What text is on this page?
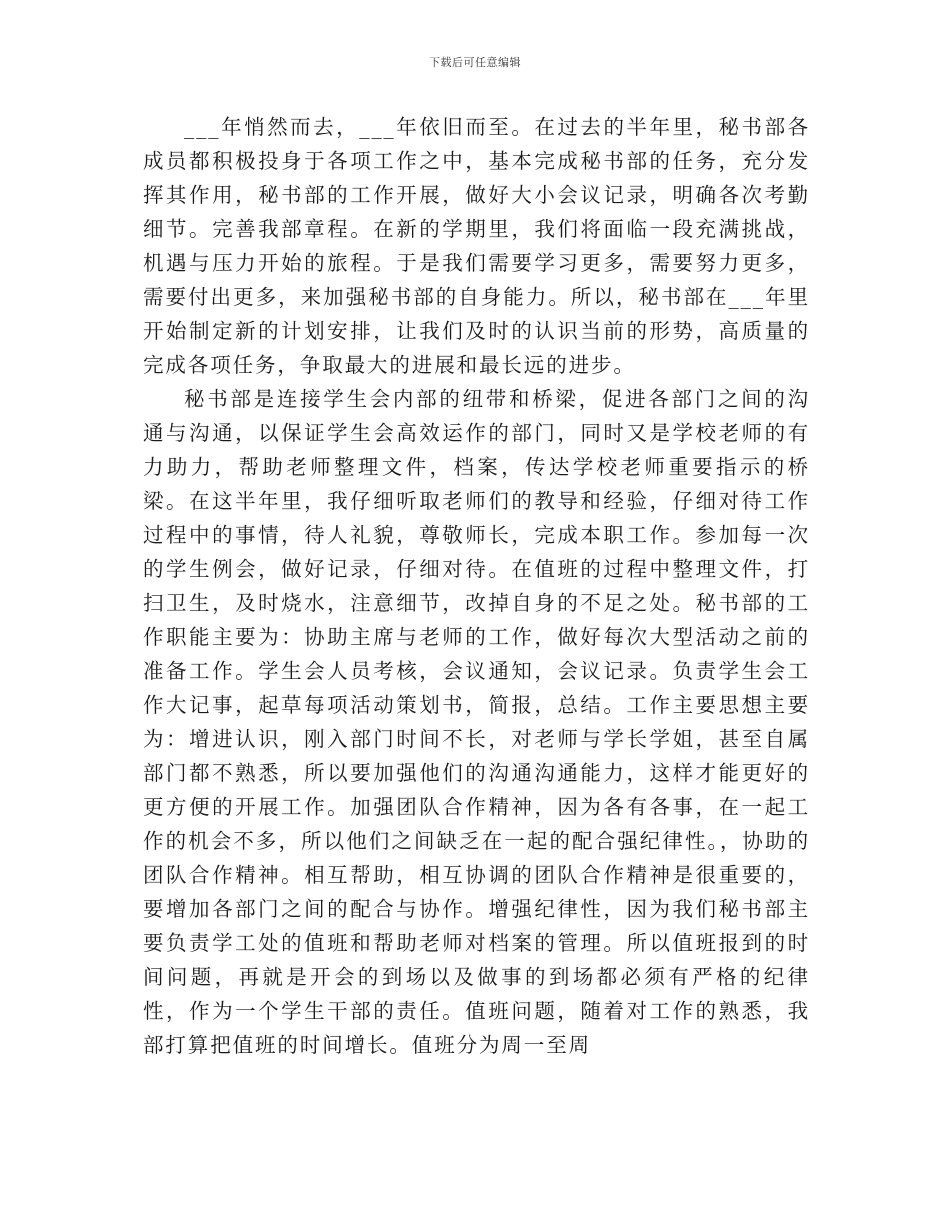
下载后可任意编辑

___年悄然而去，___年依旧而至。在过去的半年里，秘书部各成员都积极投身于各项工作之中，基本完成秘书部的任务，充分发挥其作用，秘书部的工作开展，做好大小会议记录，明确各次考勤细节。完善我部章程。在新的学期里，我们将面临一段充满挑战，机遇与压力开始的旅程。于是我们需要学习更多，需要努力更多，需要付出更多，来加强秘书部的自身能力。所以，秘书部在___年里开始制定新的计划安排，让我们及时的认识当前的形势，高质量的完成各项任务，争取最大的进展和最长远的进步。

秘书部是连接学生会内部的纽带和桥梁，促进各部门之间的沟通与沟通，以保证学生会高效运作的部门，同时又是学校老师的有力助力，帮助老师整理文件，档案，传达学校老师重要指示的桥梁。在这半年里，我仔细听取老师们的教导和经验，仔细对待工作过程中的事情，待人礼貌，尊敬师长，完成本职工作。参加每一次的学生例会，做好记录，仔细对待。在值班的过程中整理文件，打扫卫生，及时烧水，注意细节，改掉自身的不足之处。秘书部的工作职能主要为：协助主席与老师的工作，做好每次大型活动之前的准备工作。学生会人员考核，会议通知，会议记录。负责学生会工作大记事，起草每项活动策划书，简报，总结。工作主要思想主要为：增进认识，刚入部门时间不长，对老师与学长学姐，甚至自属部门都不熟悉，所以要加强他们的沟通沟通能力，这样才能更好的更方便的开展工作。加强团队合作精神，因为各有各事，在一起工作的机会不多，所以他们之间缺乏在一起的配合强纪律性。，协助的团队合作精神。相互帮助，相互协调的团队合作精神是很重要的，要增加各部门之间的配合与协作。增强纪律性，因为我们秘书部主要负责学工处的值班和帮助老师对档案的管理。所以值班报到的时间问题，再就是开会的到场以及做事的到场都必须有严格的纪律性，作为一个学生干部的责任。值班问题，随着对工作的熟悉，我部打算把值班的时间增长。值班分为周一至周
